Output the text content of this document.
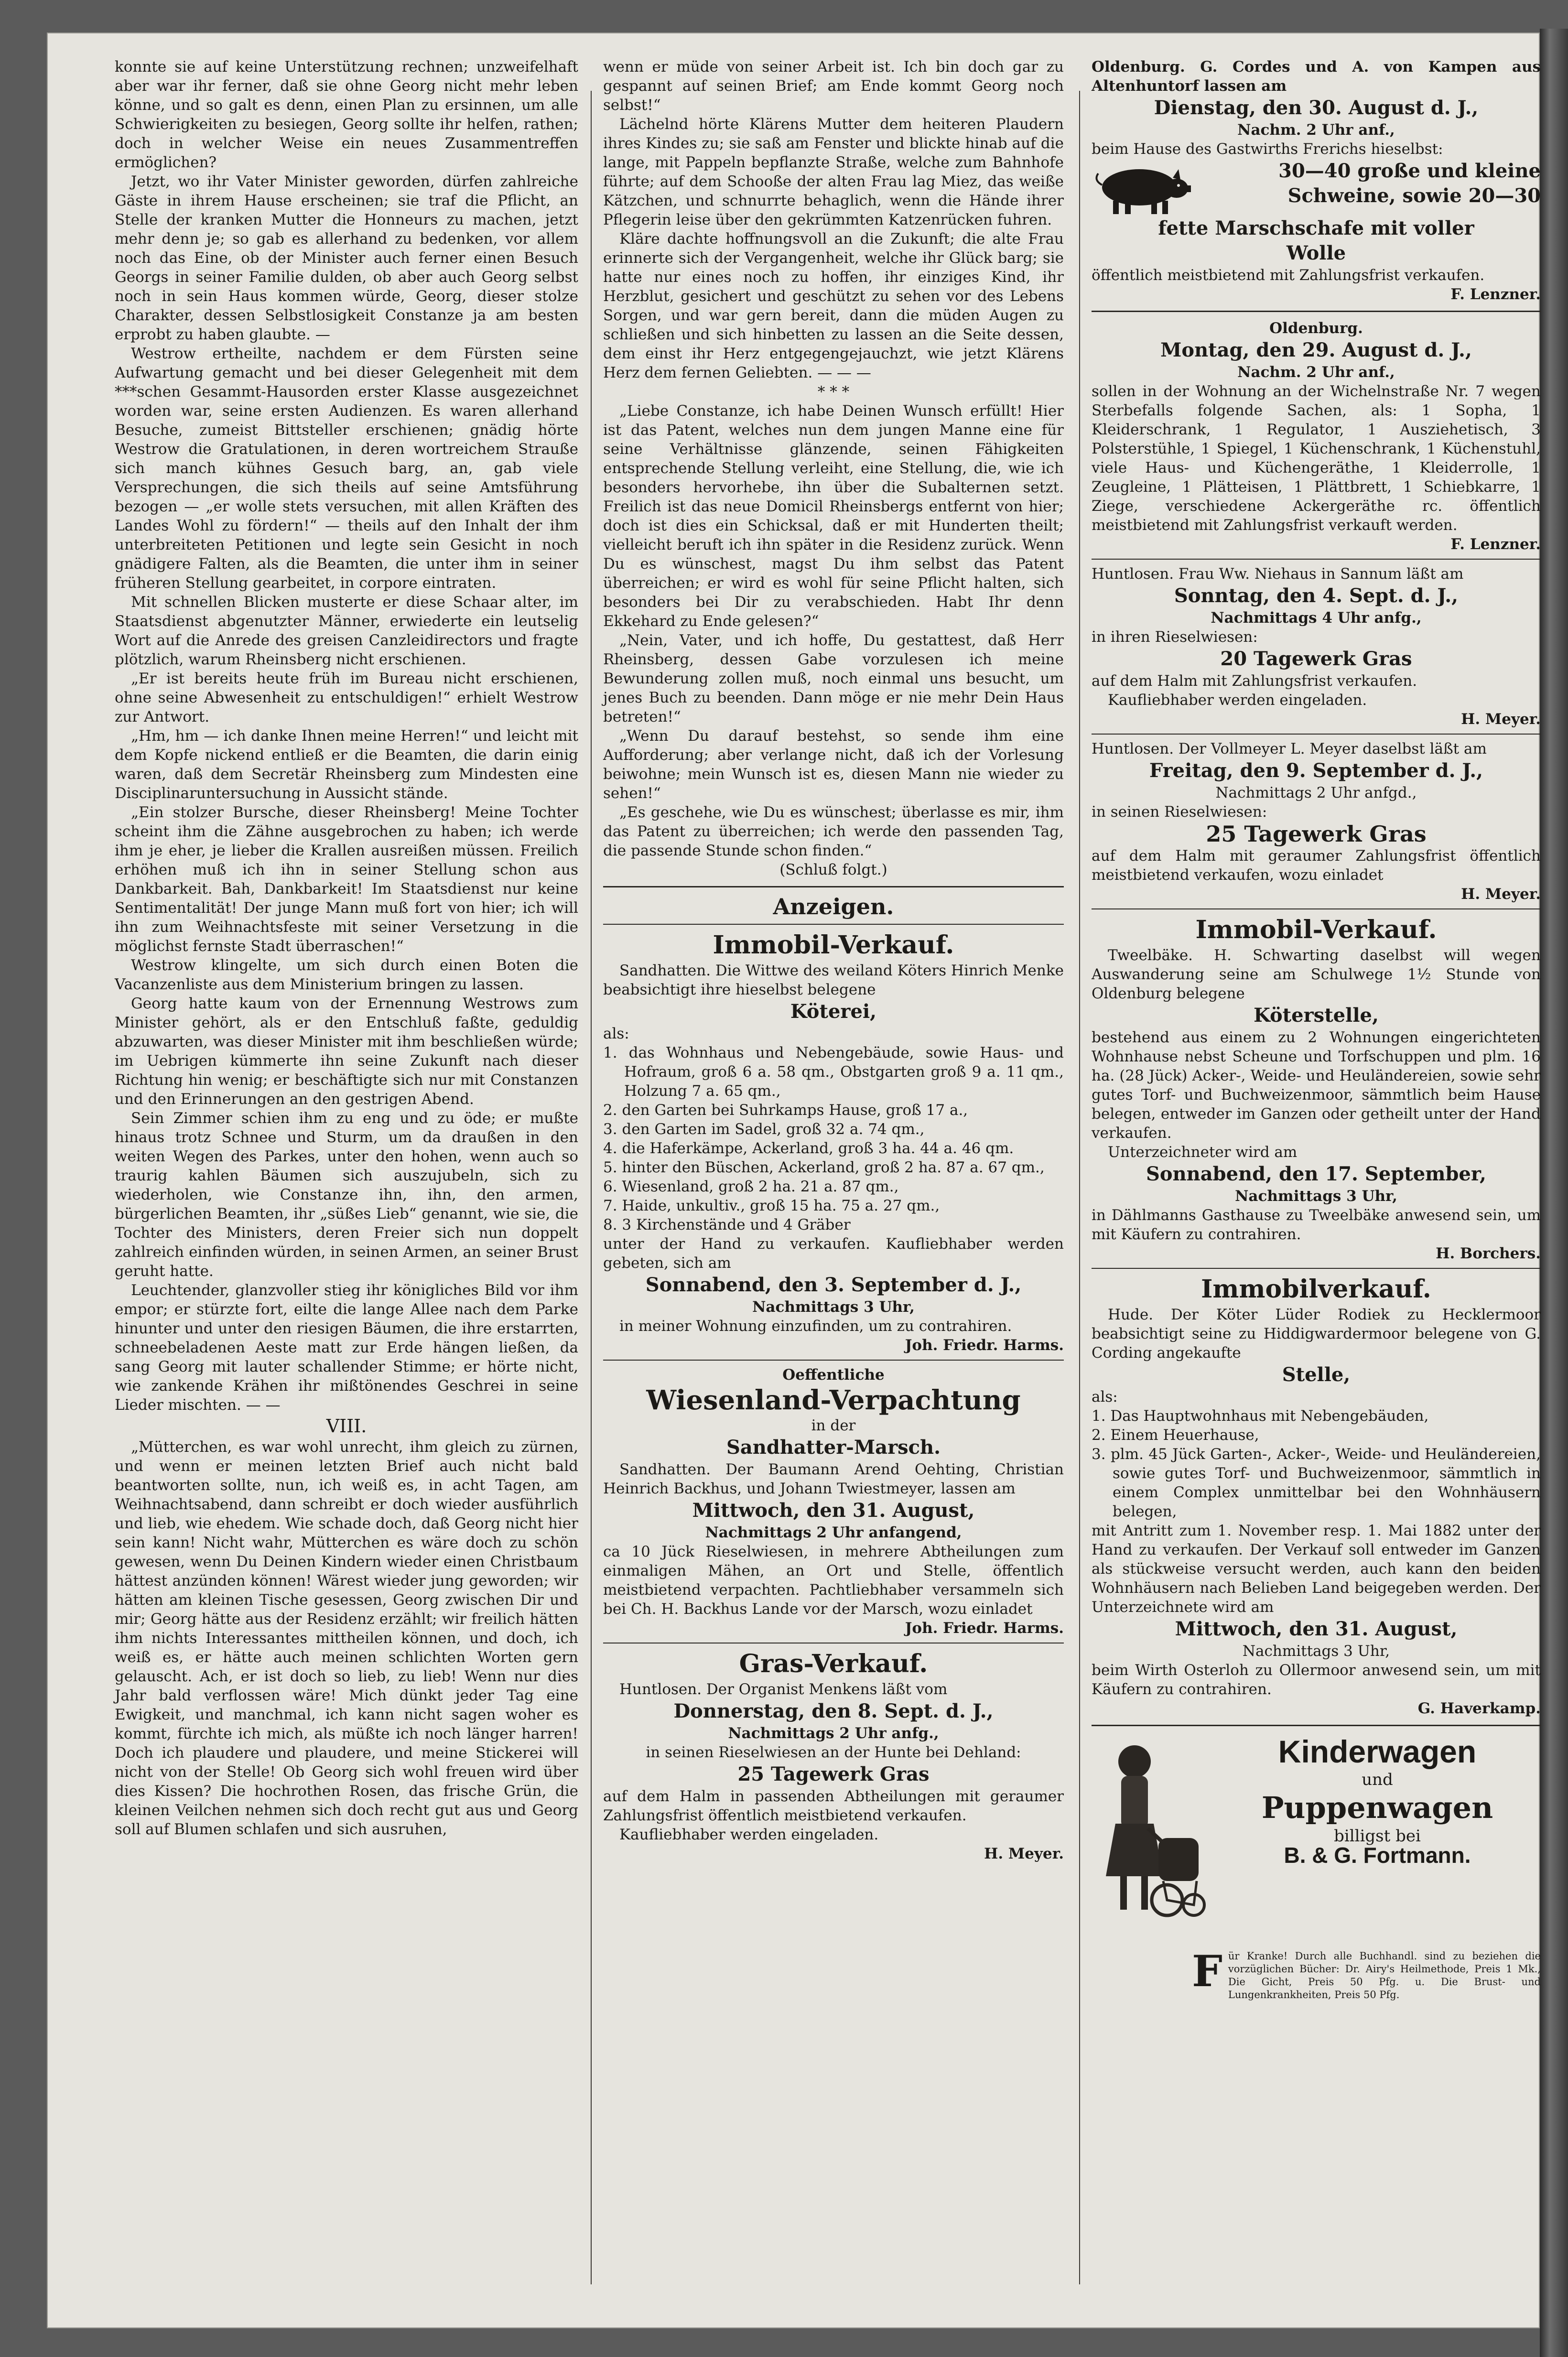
konnte sie auf keine Unterstützung rechnen; unzweifelhaft aber war ihr ferner, daß sie ohne Georg nicht mehr leben könne, und so galt es denn, einen Plan zu ersinnen, um alle Schwierigkeiten zu besiegen, Georg sollte ihr helfen, rathen; doch in welcher Weise ein neues Zusammentreffen ermöglichen?

Jetzt, wo ihr Vater Minister geworden, dürfen zahlreiche Gäste in ihrem Hause erscheinen; sie traf die Pflicht, an Stelle der kranken Mutter die Honneurs zu machen, jetzt mehr denn je; so gab es allerhand zu bedenken, vor allem noch das Eine, ob der Minister auch ferner einen Besuch Georgs in seiner Familie dulden, ob aber auch Georg selbst noch in sein Haus kommen würde, Georg, dieser stolze Charakter, dessen Selbstlosigkeit Constanze ja am besten erprobt zu haben glaubte. —

Westrow ertheilte, nachdem er dem Fürsten seine Aufwartung gemacht und bei dieser Gelegenheit mit dem ***schen Gesammt-Hausorden erster Klasse ausgezeichnet worden war, seine ersten Audienzen. Es waren allerhand Besuche, zumeist Bittsteller erschienen; gnädig hörte Westrow die Gratulationen, in deren wortreichem Strauße sich manch kühnes Gesuch barg, an, gab viele Versprechungen, die sich theils auf seine Amtsführung bezogen — „er wolle stets versuchen, mit allen Kräften des Landes Wohl zu fördern!“ — theils auf den Inhalt der ihm unterbreiteten Petitionen und legte sein Gesicht in noch gnädigere Falten, als die Beamten, die unter ihm in seiner früheren Stellung gearbeitet, in corpore eintraten.

Mit schnellen Blicken musterte er diese Schaar alter, im Staatsdienst abgenutzter Männer, erwiederte ein leutselig Wort auf die Anrede des greisen Canzleidirectors und fragte plötzlich, warum Rheinsberg nicht erschienen.

„Er ist bereits heute früh im Bureau nicht erschienen, ohne seine Abwesenheit zu entschuldigen!“ erhielt Westrow zur Antwort.

„Hm, hm — ich danke Ihnen meine Herren!“ und leicht mit dem Kopfe nickend entließ er die Beamten, die darin einig waren, daß dem Secretär Rheinsberg zum Mindesten eine Disciplinaruntersuchung in Aussicht stände.

„Ein stolzer Bursche, dieser Rheinsberg! Meine Tochter scheint ihm die Zähne ausgebrochen zu haben; ich werde ihm je eher, je lieber die Krallen ausreißen müssen. Freilich erhöhen muß ich ihn in seiner Stellung schon aus Dankbarkeit. Bah, Dankbarkeit! Im Staatsdienst nur keine Sentimentalität! Der junge Mann muß fort von hier; ich will ihn zum Weihnachtsfeste mit seiner Versetzung in die möglichst fernste Stadt überraschen!“

Westrow klingelte, um sich durch einen Boten die Vacanzenliste aus dem Ministerium bringen zu lassen.

Georg hatte kaum von der Ernennung Westrows zum Minister gehört, als er den Entschluß faßte, geduldig abzuwarten, was dieser Minister mit ihm beschließen würde; im Uebrigen kümmerte ihn seine Zukunft nach dieser Richtung hin wenig; er beschäftigte sich nur mit Constanzen und den Erinnerungen an den gestrigen Abend.

Sein Zimmer schien ihm zu eng und zu öde; er mußte hinaus trotz Schnee und Sturm, um da draußen in den weiten Wegen des Parkes, unter den hohen, wenn auch so traurig kahlen Bäumen sich auszujubeln, sich zu wiederholen, wie Constanze ihn, ihn, den armen, bürgerlichen Beamten, ihr „süßes Lieb“ genannt, wie sie, die Tochter des Ministers, deren Freier sich nun doppelt zahlreich einfinden würden, in seinen Armen, an seiner Brust geruht hatte.

Leuchtender, glanzvoller stieg ihr königliches Bild vor ihm empor; er stürzte fort, eilte die lange Allee nach dem Parke hinunter und unter den riesigen Bäumen, die ihre erstarrten, schneebeladenen Aeste matt zur Erde hängen ließen, da sang Georg mit lauter schallender Stimme; er hörte nicht, wie zankende Krähen ihr mißtönendes Geschrei in seine Lieder mischten. — —

VIII.

„Mütterchen, es war wohl unrecht, ihm gleich zu zürnen, und wenn er meinen letzten Brief auch nicht bald beantworten sollte, nun, ich weiß es, in acht Tagen, am Weihnachtsabend, dann schreibt er doch wieder ausführlich und lieb, wie ehedem. Wie schade doch, daß Georg nicht hier sein kann! Nicht wahr, Mütterchen es wäre doch zu schön gewesen, wenn Du Deinen Kindern wieder einen Christbaum hättest anzünden können! Wärest wieder jung geworden; wir hätten am kleinen Tische gesessen, Georg zwischen Dir und mir; Georg hätte aus der Residenz erzählt; wir freilich hätten ihm nichts Interessantes mittheilen können, und doch, ich weiß es, er hätte auch meinen schlichten Worten gern gelauscht. Ach, er ist doch so lieb, zu lieb! Wenn nur dies Jahr bald verflossen wäre! Mich dünkt jeder Tag eine Ewigkeit, und manchmal, ich kann nicht sagen woher es kommt, fürchte ich mich, als müßte ich noch länger harren! Doch ich plaudere und plaudere, und meine Stickerei will nicht von der Stelle! Ob Georg sich wohl freuen wird über dies Kissen? Die hochrothen Rosen, das frische Grün, die kleinen Veilchen nehmen sich doch recht gut aus und Georg soll auf Blumen schlafen und sich ausruhen,

wenn er müde von seiner Arbeit ist. Ich bin doch gar zu gespannt auf seinen Brief; am Ende kommt Georg noch selbst!“

Lächelnd hörte Klärens Mutter dem heiteren Plaudern ihres Kindes zu; sie saß am Fenster und blickte hinab auf die lange, mit Pappeln bepflanzte Straße, welche zum Bahnhofe führte; auf dem Schooße der alten Frau lag Miez, das weiße Kätzchen, und schnurrte behaglich, wenn die Hände ihrer Pflegerin leise über den gekrümmten Katzenrücken fuhren.

Kläre dachte hoffnungsvoll an die Zukunft; die alte Frau erinnerte sich der Vergangenheit, welche ihr Glück barg; sie hatte nur eines noch zu hoffen, ihr einziges Kind, ihr Herzblut, gesichert und geschützt zu sehen vor des Lebens Sorgen, und war gern bereit, dann die müden Augen zu schließen und sich hinbetten zu lassen an die Seite dessen, dem einst ihr Herz entgegengejauchzt, wie jetzt Klärens Herz dem fernen Geliebten. — — —

* * *

„Liebe Constanze, ich habe Deinen Wunsch erfüllt! Hier ist das Patent, welches nun dem jungen Manne eine für seine Verhältnisse glänzende, seinen Fähigkeiten entsprechende Stellung verleiht, eine Stellung, die, wie ich besonders hervorhebe, ihn über die Subalternen setzt. Freilich ist das neue Domicil Rheinsbergs entfernt von hier; doch ist dies ein Schicksal, daß er mit Hunderten theilt; vielleicht beruft ich ihn später in die Residenz zurück. Wenn Du es wünschest, magst Du ihm selbst das Patent überreichen; er wird es wohl für seine Pflicht halten, sich besonders bei Dir zu verabschieden. Habt Ihr denn Ekkehard zu Ende gelesen?“

„Nein, Vater, und ich hoffe, Du gestattest, daß Herr Rheinsberg, dessen Gabe vorzulesen ich meine Bewunderung zollen muß, noch einmal uns besucht, um jenes Buch zu beenden. Dann möge er nie mehr Dein Haus betreten!“

„Wenn Du darauf bestehst, so sende ihm eine Aufforderung; aber verlange nicht, daß ich der Vorlesung beiwohne; mein Wunsch ist es, diesen Mann nie wieder zu sehen!“

„Es geschehe, wie Du es wünschest; überlasse es mir, ihm das Patent zu überreichen; ich werde den passenden Tag, die passende Stunde schon finden.“

(Schluß folgt.)

Anzeigen.
Immobil-Verkauf.

Sandhatten. Die Wittwe des weiland Köters Hinrich Menke beabsichtigt ihre hieselbst belegene

Köterei,

als:

1. das Wohnhaus und Nebengebäude, sowie Haus- und Hofraum, groß 6 a. 58 qm., Obstgarten groß 9 a. 11 qm., Holzung 7 a. 65 qm.,
2. den Garten bei Suhrkamps Hause, groß 17 a.,
3. den Garten im Sadel, groß 32 a. 74 qm.,
4. die Haferkämpe, Ackerland, groß 3 ha. 44 a. 46 qm.
5. hinter den Büschen, Ackerland, groß 2 ha. 87 a. 67 qm.,
6. Wiesenland, groß 2 ha. 21 a. 87 qm.,
7. Haide, unkultiv., groß 15 ha. 75 a. 27 qm.,
8. 3 Kirchenstände und 4 Gräber

unter der Hand zu verkaufen. Kaufliebhaber werden gebeten, sich am

Sonnabend, den 3. September d. J.,

Nachmittags 3 Uhr,

in meiner Wohnung einzufinden, um zu contrahiren.

Joh. Friedr. Harms.

Oeffentliche

Wiesenland-Verpachtung

in der

Sandhatter-Marsch.

Sandhatten. Der Baumann Arend Oehting, Christian Heinrich Backhus, und Johann Twiestmeyer, lassen am

Mittwoch, den 31. August,

Nachmittags 2 Uhr anfangend,

ca 10 Jück Rieselwiesen, in mehrere Abtheilungen zum einmaligen Mähen, an Ort und Stelle, öffentlich meistbietend verpachten. Pachtliebhaber versammeln sich bei Ch. H. Backhus Lande vor der Marsch, wozu einladet

Joh. Friedr. Harms.

Gras-Verkauf.

Huntlosen. Der Organist Menkens läßt vom

Donnerstag, den 8. Sept. d. J.,

Nachmittags 2 Uhr anfg.,

in seinen Rieselwiesen an der Hunte bei Dehland:

25 Tagewerk Gras

auf dem Halm in passenden Abtheilungen mit geraumer Zahlungsfrist öffentlich meistbietend verkaufen.

Kaufliebhaber werden eingeladen.

H. Meyer.

Oldenburg. G. Cordes und A. von Kampen aus Altenhuntorf lassen am

Dienstag, den 30. August d. J.,

Nachm. 2 Uhr anf.,

beim Hause des Gastwirths Frerichs hieselbst:

30—40 große und kleine
Schweine, sowie 20—30
fette Marschschafe mit voller
Wolle

öffentlich meistbietend mit Zahlungsfrist verkaufen.

F. Lenzner.

Oldenburg.

Montag, den 29. August d. J.,

Nachm. 2 Uhr anf.,

sollen in der Wohnung an der Wichelnstraße Nr. 7 wegen Sterbefalls folgende Sachen, als: 1 Sopha, 1 Kleiderschrank, 1 Regulator, 1 Ausziehetisch, 3 Polsterstühle, 1 Spiegel, 1 Küchenschrank, 1 Küchenstuhl, viele Haus- und Küchengeräthe, 1 Kleiderrolle, 1 Zeugleine, 1 Plätteisen, 1 Plättbrett, 1 Schiebkarre, 1 Ziege, verschiedene Ackergeräthe rc. öffentlich meistbietend mit Zahlungsfrist verkauft werden.

F. Lenzner.

Huntlosen. Frau Ww. Niehaus in Sannum läßt am

Sonntag, den 4. Sept. d. J.,

Nachmittags 4 Uhr anfg.,

in ihren Rieselwiesen:

20 Tagewerk Gras

auf dem Halm mit Zahlungsfrist verkaufen.

Kaufliebhaber werden eingeladen.

H. Meyer.

Huntlosen. Der Vollmeyer L. Meyer daselbst läßt am

Freitag, den 9. September d. J.,

Nachmittags 2 Uhr anfgd.,

in seinen Rieselwiesen:

25 Tagewerk Gras

auf dem Halm mit geraumer Zahlungsfrist öffentlich meistbietend verkaufen, wozu einladet

H. Meyer.

Immobil-Verkauf.

Tweelbäke. H. Schwarting daselbst will wegen Auswanderung seine am Schulwege 1½ Stunde von Oldenburg belegene

Köterstelle,

bestehend aus einem zu 2 Wohnungen eingerichteten Wohnhause nebst Scheune und Torfschuppen und plm. 16 ha. (28 Jück) Acker-, Weide- und Heuländereien, sowie sehr gutes Torf- und Buchweizenmoor, sämmtlich beim Hause belegen, entweder im Ganzen oder getheilt unter der Hand verkaufen.

Unterzeichneter wird am

Sonnabend, den 17. September,

Nachmittags 3 Uhr,

in Dählmanns Gasthause zu Tweelbäke anwesend sein, um mit Käufern zu contrahiren.

H. Borchers.

Immobilverkauf.

Hude. Der Köter Lüder Rodiek zu Hecklermoor beabsichtigt seine zu Hiddigwardermoor belegene von G. Cording angekaufte

Stelle,

als:

1. Das Hauptwohnhaus mit Nebengebäuden,
2. Einem Heuerhause,
3. plm. 45 Jück Garten-, Acker-, Weide- und Heuländereien, sowie gutes Torf- und Buchweizenmoor, sämmtlich in einem Complex unmittelbar bei den Wohnhäusern belegen,

mit Antritt zum 1. November resp. 1. Mai 1882 unter der Hand zu verkaufen. Der Verkauf soll entweder im Ganzen als stückweise versucht werden, auch kann den beiden Wohnhäusern nach Belieben Land beigegeben werden. Der Unterzeichnete wird am

Mittwoch, den 31. August,

Nachmittags 3 Uhr,

beim Wirth Osterloh zu Ollermoor anwesend sein, um mit Käufern zu contrahiren.

G. Haverkamp.

Kinderwagen
und
Puppenwagen
billigst bei
B. & G. Fortmann.
F ür Kranke! Durch alle Buchhandl. sind zu beziehen die vorzüglichen Bücher: Dr. Airy's Heilmethode, Preis 1 Mk., Die Gicht, Preis 50 Pfg. u. Die Brust- und Lungenkrankheiten, Preis 50 Pfg.
